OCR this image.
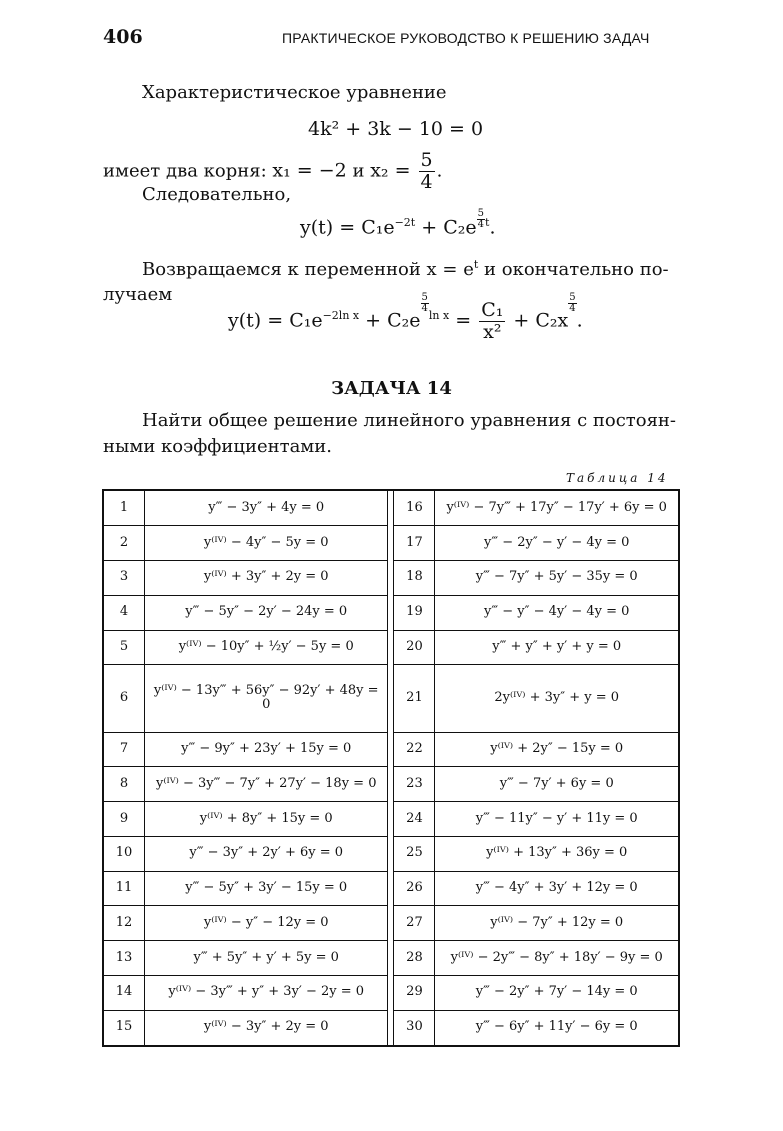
406	ПРАКТИЧЕСКОЕ РУКОВОДСТВО К РЕШЕНИЮ ЗАДАЧ
Характеристическое уравнение
4k² + 3k − 10 = 0
имеет два корня: x₁ = −2 и $x_2 = \frac{5}{4}$ .
Следовательно,
$y(t) = C_1e^{-2t} + C_2e$ $^{\frac{5}{4}t}$.
Возвращаемся к переменной $x = e^t$ и окончательно по-
лучаем
$y(t) = C_1e^{-2ln x} + C_2e$
$^{\frac{5}{4}ln x} = \frac{\text{C₁}}{\text{x²}} + C_2x$
$^{\frac{5}{4}}$.
ЗАДАЧА 14
Найти общее решение линейного уравнения с постоян-
ными коэффициентами.
Таблица 14
1	y‴ − 3y″ + 4y = 0		16	y⁽ᴵⱽ⁾ − 7y‴ + 17y″ − 17y′ + 6y = 0
2	y⁽ᴵⱽ⁾ − 4y″ − 5y = 0		17	y‴ − 2y″ − y′ − 4y = 0
3	y⁽ᴵⱽ⁾ + 3y″ + 2y = 0		18	y‴ − 7y″ + 5y′ − 35y = 0
4	y‴ − 5y″ − 2y′ − 24y = 0		19	y‴ − y″ − 4y′ − 4y = 0
5	y⁽ᴵⱽ⁾ − 10y″ + ½y′ − 5y = 0		20	y‴ + y″ + y′ + y = 0
6	y⁽ᴵⱽ⁾ − 13y‴ + 56y″ − 92y′ + 48y = 0		21	2y⁽ᴵⱽ⁾ + 3y″ + y = 0
7	y‴ − 9y″ + 23y′ + 15y = 0		22	y⁽ᴵⱽ⁾ + 2y″ − 15y = 0
8	y⁽ᴵⱽ⁾ − 3y‴ − 7y″ + 27y′ − 18y = 0		23	y‴ − 7y′ + 6y = 0
9	y⁽ᴵⱽ⁾ + 8y″ + 15y = 0		24	y‴ − 11y″ − y′ + 11y = 0
10	y‴ − 3y″ + 2y′ + 6y = 0		25	y⁽ᴵⱽ⁾ + 13y″ + 36y = 0
11	y‴ − 5y″ + 3y′ − 15y = 0		26	y‴ − 4y″ + 3y′ + 12y = 0
12	y⁽ᴵⱽ⁾ − y″ − 12y = 0		27	y⁽ᴵⱽ⁾ − 7y″ + 12y = 0
13	y‴ + 5y″ + y′ + 5y = 0		28	y⁽ᴵⱽ⁾ − 2y‴ − 8y″ + 18y′ − 9y = 0
14	y⁽ᴵⱽ⁾ − 3y‴ + y″ + 3y′ − 2y = 0		29	y‴ − 2y″ + 7y′ − 14y = 0
15	y⁽ᴵⱽ⁾ − 3y″ + 2y = 0		30	y‴ − 6y″ + 11y′ − 6y = 0
